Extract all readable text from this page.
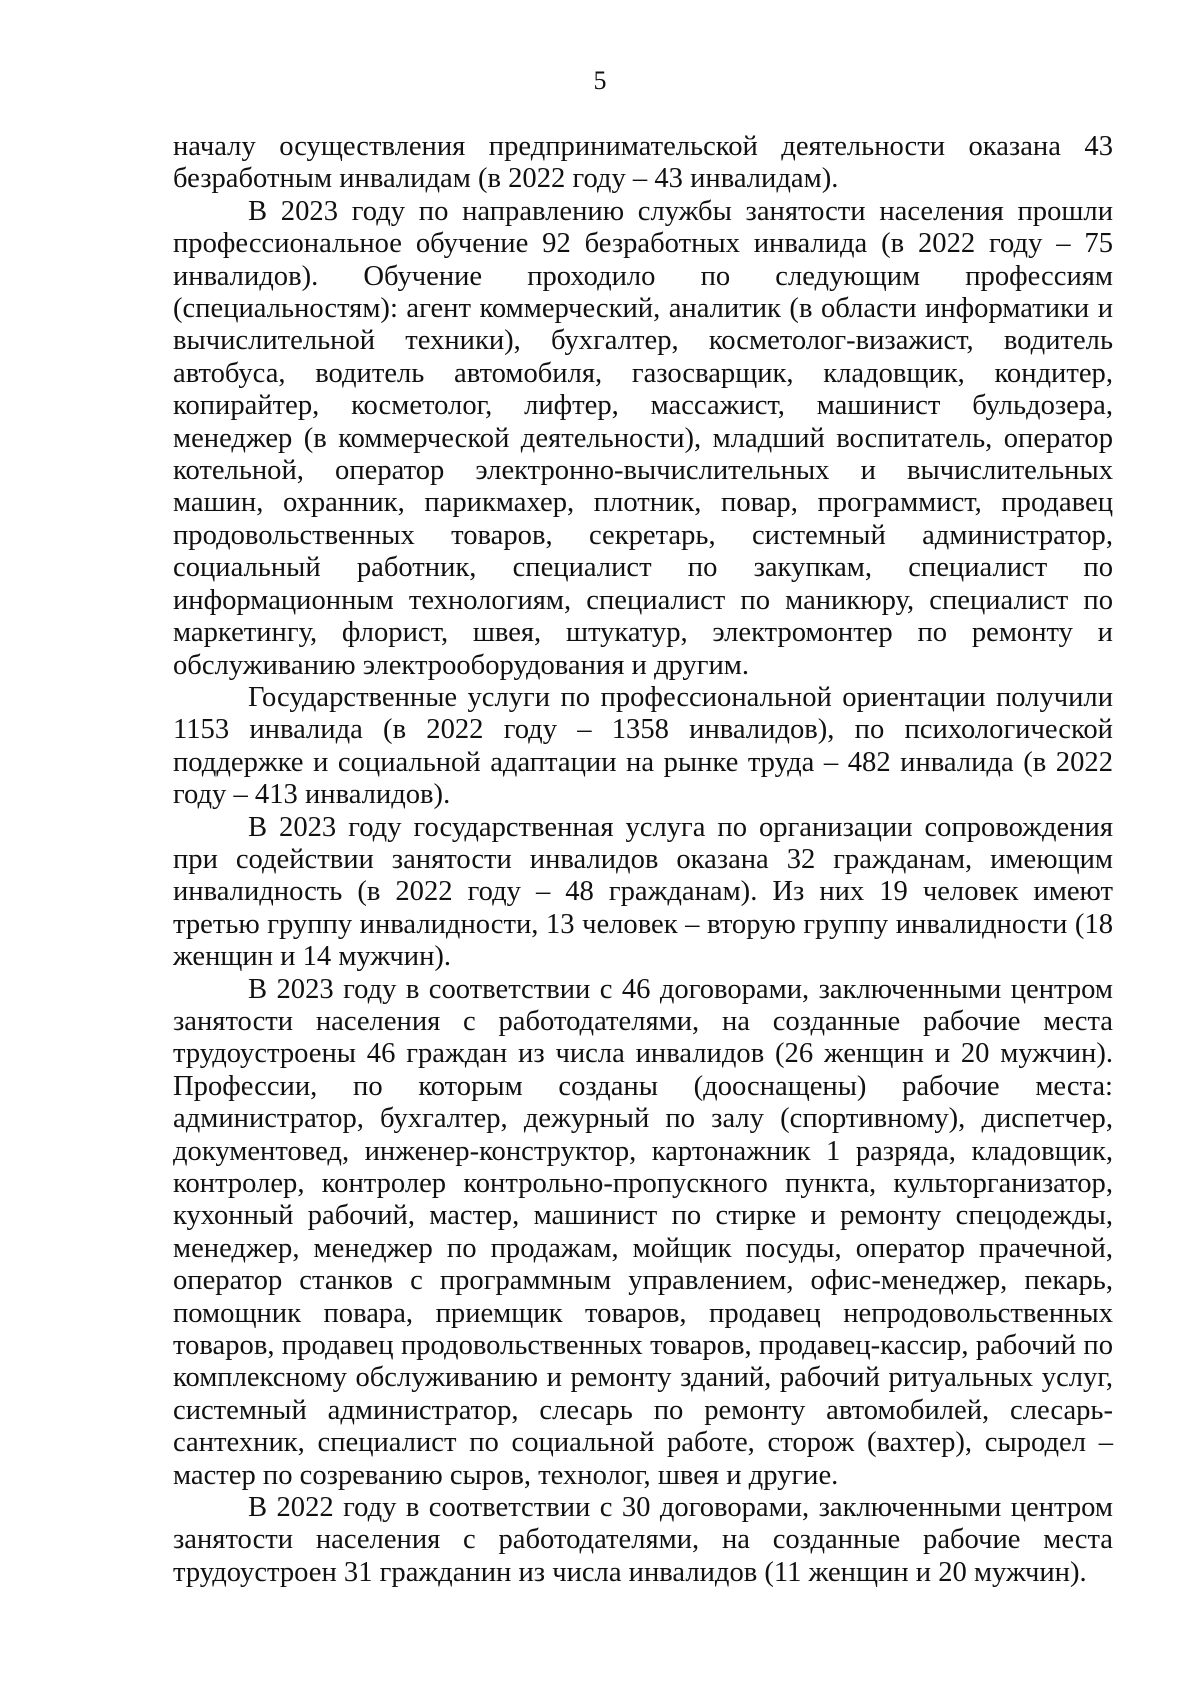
5

началу осуществления предпринимательской деятельности оказана 43 безработным инвалидам (в 2022 году – 43 инвалидам).

В 2023 году по направлению службы занятости населения прошли профессиональное обучение 92 безработных инвалида (в 2022 году – 75 инвалидов). Обучение проходило по следующим профессиям (специальностям): агент коммерческий, аналитик (в области информатики и вычислительной техники), бухгалтер, косметолог-визажист, водитель автобуса, водитель автомобиля, газосварщик, кладовщик, кондитер, копирайтер, косметолог, лифтер, массажист, машинист бульдозера, менеджер (в коммерческой деятельности), младший воспитатель, оператор котельной, оператор электронно-вычислительных и вычислительных машин, охранник, парикмахер, плотник, повар, программист, продавец продовольственных товаров, секретарь, системный администратор, социальный работник, специалист по закупкам, специалист по информационным технологиям, специалист по маникюру, специалист по маркетингу, флорист, швея, штукатур, электромонтер по ремонту и обслуживанию электрооборудования и другим.

Государственные услуги по профессиональной ориентации получили 1153 инвалида (в 2022 году – 1358 инвалидов), по психологической поддержке и социальной адаптации на рынке труда – 482 инвалида (в 2022 году – 413 инвалидов).

В 2023 году государственная услуга по организации сопровождения при содействии занятости инвалидов оказана 32 гражданам, имеющим инвалидность (в 2022 году – 48 гражданам). Из них 19 человек имеют третью группу инвалидности, 13 человек – вторую группу инвалидности (18 женщин и 14 мужчин).

В 2023 году в соответствии с 46 договорами, заключенными центром занятости населения с работодателями, на созданные рабочие места трудоустроены 46 граждан из числа инвалидов (26 женщин и 20 мужчин). Профессии, по которым созданы (дооснащены) рабочие места: администратор, бухгалтер, дежурный по залу (спортивному), диспетчер, документовед, инженер-конструктор, картонажник 1 разряда, кладовщик, контролер, контролер контрольно-пропускного пункта, культорганизатор, кухонный рабочий, мастер, машинист по стирке и ремонту спецодежды, менеджер, менеджер по продажам, мойщик посуды, оператор прачечной, оператор станков с программным управлением, офис-менеджер, пекарь, помощник повара, приемщик товаров, продавец непродовольственных товаров, продавец продовольственных товаров, продавец-кассир, рабочий по комплексному обслуживанию и ремонту зданий, рабочий ритуальных услуг, системный администратор, слесарь по ремонту автомобилей, слесарь-сантехник, специалист по социальной работе, сторож (вахтер), сыродел – мастер по созреванию сыров, технолог, швея и другие.

В 2022 году в соответствии с 30 договорами, заключенными центром занятости населения с работодателями, на созданные рабочие места трудоустроен 31 гражданин из числа инвалидов (11 женщин и 20 мужчин).
